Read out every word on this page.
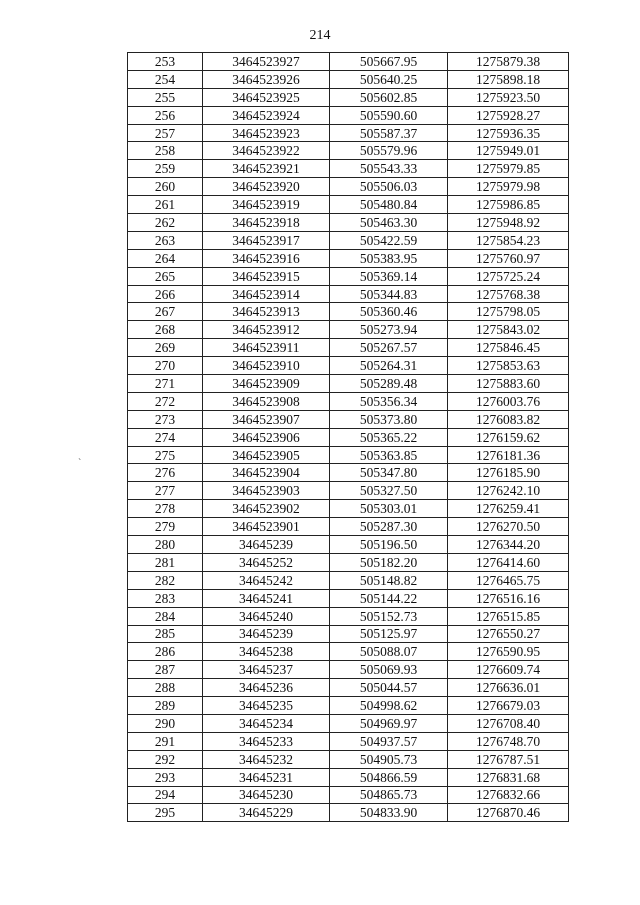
214
`
253	3464523927	505667.95	1275879.38
254	3464523926	505640.25	1275898.18
255	3464523925	505602.85	1275923.50
256	3464523924	505590.60	1275928.27
257	3464523923	505587.37	1275936.35
258	3464523922	505579.96	1275949.01
259	3464523921	505543.33	1275979.85
260	3464523920	505506.03	1275979.98
261	3464523919	505480.84	1275986.85
262	3464523918	505463.30	1275948.92
263	3464523917	505422.59	1275854.23
264	3464523916	505383.95	1275760.97
265	3464523915	505369.14	1275725.24
266	3464523914	505344.83	1275768.38
267	3464523913	505360.46	1275798.05
268	3464523912	505273.94	1275843.02
269	3464523911	505267.57	1275846.45
270	3464523910	505264.31	1275853.63
271	3464523909	505289.48	1275883.60
272	3464523908	505356.34	1276003.76
273	3464523907	505373.80	1276083.82
274	3464523906	505365.22	1276159.62
275	3464523905	505363.85	1276181.36
276	3464523904	505347.80	1276185.90
277	3464523903	505327.50	1276242.10
278	3464523902	505303.01	1276259.41
279	3464523901	505287.30	1276270.50
280	34645239	505196.50	1276344.20
281	34645252	505182.20	1276414.60
282	34645242	505148.82	1276465.75
283	34645241	505144.22	1276516.16
284	34645240	505152.73	1276515.85
285	34645239	505125.97	1276550.27
286	34645238	505088.07	1276590.95
287	34645237	505069.93	1276609.74
288	34645236	505044.57	1276636.01
289	34645235	504998.62	1276679.03
290	34645234	504969.97	1276708.40
291	34645233	504937.57	1276748.70
292	34645232	504905.73	1276787.51
293	34645231	504866.59	1276831.68
294	34645230	504865.73	1276832.66
295	34645229	504833.90	1276870.46
